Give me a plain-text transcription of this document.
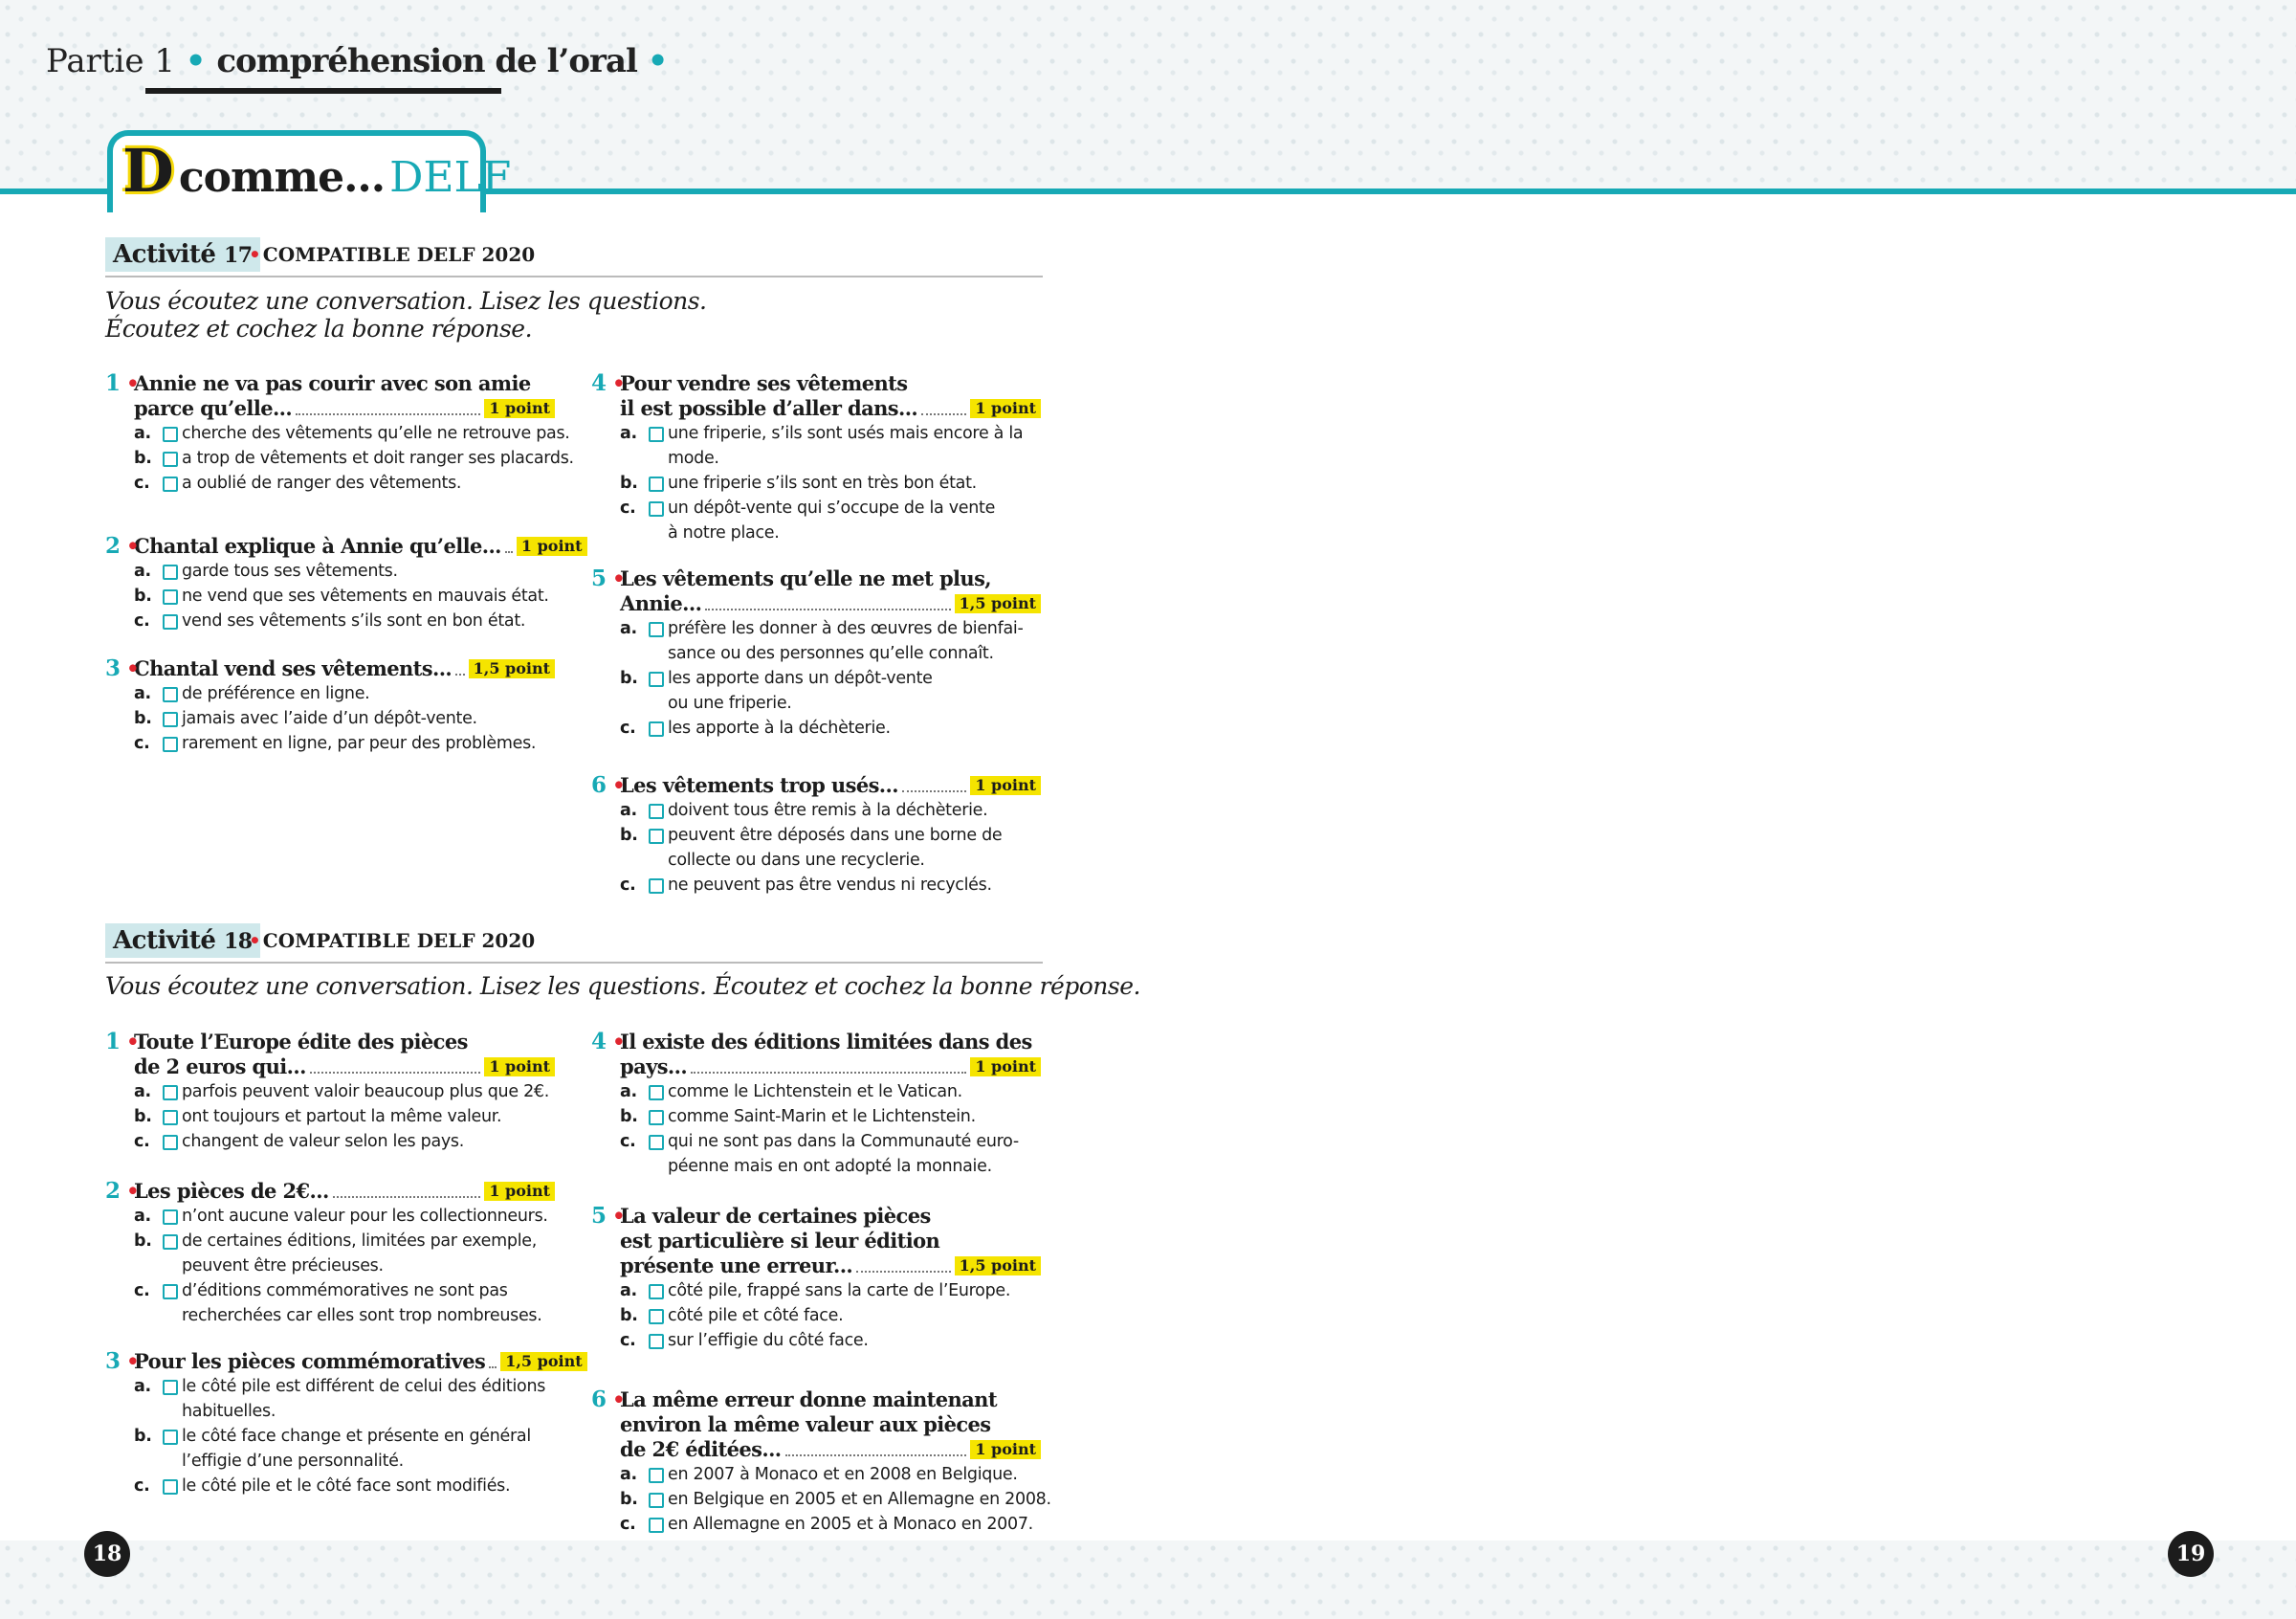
Partie 1 • compréhension de l’oral •
D comme... DELF
Activité 17
• COMPATIBLE DELF 2020
Vous écoutez une conversation. Lisez les questions.
Écoutez et cochez la bonne réponse.
1 •
Annie ne va pas courir avec son amie
parce qu’elle...	1 point
a. cherche des vêtements qu’elle ne retrouve pas.
b. a trop de vêtements et doit ranger ses placards.
c. a oublié de ranger des vêtements.
2 •
Chantal explique à Annie qu’elle...	1 point
a. garde tous ses vêtements.
b. ne vend que ses vêtements en mauvais état.
c. vend ses vêtements s’ils sont en bon état.
3 •
Chantal vend ses vêtements...	1,5 point
a. de préférence en ligne.
b. jamais avec l’aide d’un dépôt-vente.
c. rarement en ligne, par peur des problèmes.
4 •
Pour vendre ses vêtements
il est possible d’aller dans...	1 point
a. une friperie, s’ils sont usés mais encore à la
mode.
b. une friperie s’ils sont en très bon état.
c. un dépôt-vente qui s’occupe de la vente
à notre place.
5 •
Les vêtements qu’elle ne met plus,
Annie...	1,5 point
a. préfère les donner à des œuvres de bienfai-
sance ou des personnes qu’elle connaît.
b. les apporte dans un dépôt-vente
ou une friperie.
c. les apporte à la déchèterie.
6 •
Les vêtements trop usés...	1 point
a. doivent tous être remis à la déchèterie.
b. peuvent être déposés dans une borne de
collecte ou dans une recyclerie.
c. ne peuvent pas être vendus ni recyclés.
Activité 18
• COMPATIBLE DELF 2020
Vous écoutez une conversation. Lisez les questions. Écoutez et cochez la bonne réponse.
1 •
Toute l’Europe édite des pièces
de 2 euros qui...	1 point
a. parfois peuvent valoir beaucoup plus que 2€.
b. ont toujours et partout la même valeur.
c. changent de valeur selon les pays.
2 •
Les pièces de 2€...	1 point
a. n’ont aucune valeur pour les collectionneurs.
b. de certaines éditions, limitées par exemple,
peuvent être précieuses.
c. d’éditions commémoratives ne sont pas
recherchées car elles sont trop nombreuses.
3 •
Pour les pièces commémoratives	1,5 point
a. le côté pile est différent de celui des éditions
habituelles.
b. le côté face change et présente en général
l’effigie d’une personnalité.
c. le côté pile et le côté face sont modifiés.
4 •
Il existe des éditions limitées dans des
pays...	1 point
a. comme le Lichtenstein et le Vatican.
b. comme Saint-Marin et le Lichtenstein.
c. qui ne sont pas dans la Communauté euro-
péenne mais en ont adopté la monnaie.
5 •
La valeur de certaines pièces
est particulière si leur édition
présente une erreur...	1,5 point
a. côté pile, frappé sans la carte de l’Europe.
b. côté pile et côté face.
c. sur l’effigie du côté face.
6 •
La même erreur donne maintenant
environ la même valeur aux pièces
de 2€ éditées...	1 point
a. en 2007 à Monaco et en 2008 en Belgique.
b. en Belgique en 2005 et en Allemagne en 2008.
c. en Allemagne en 2005 et à Monaco en 2007.
18	19
